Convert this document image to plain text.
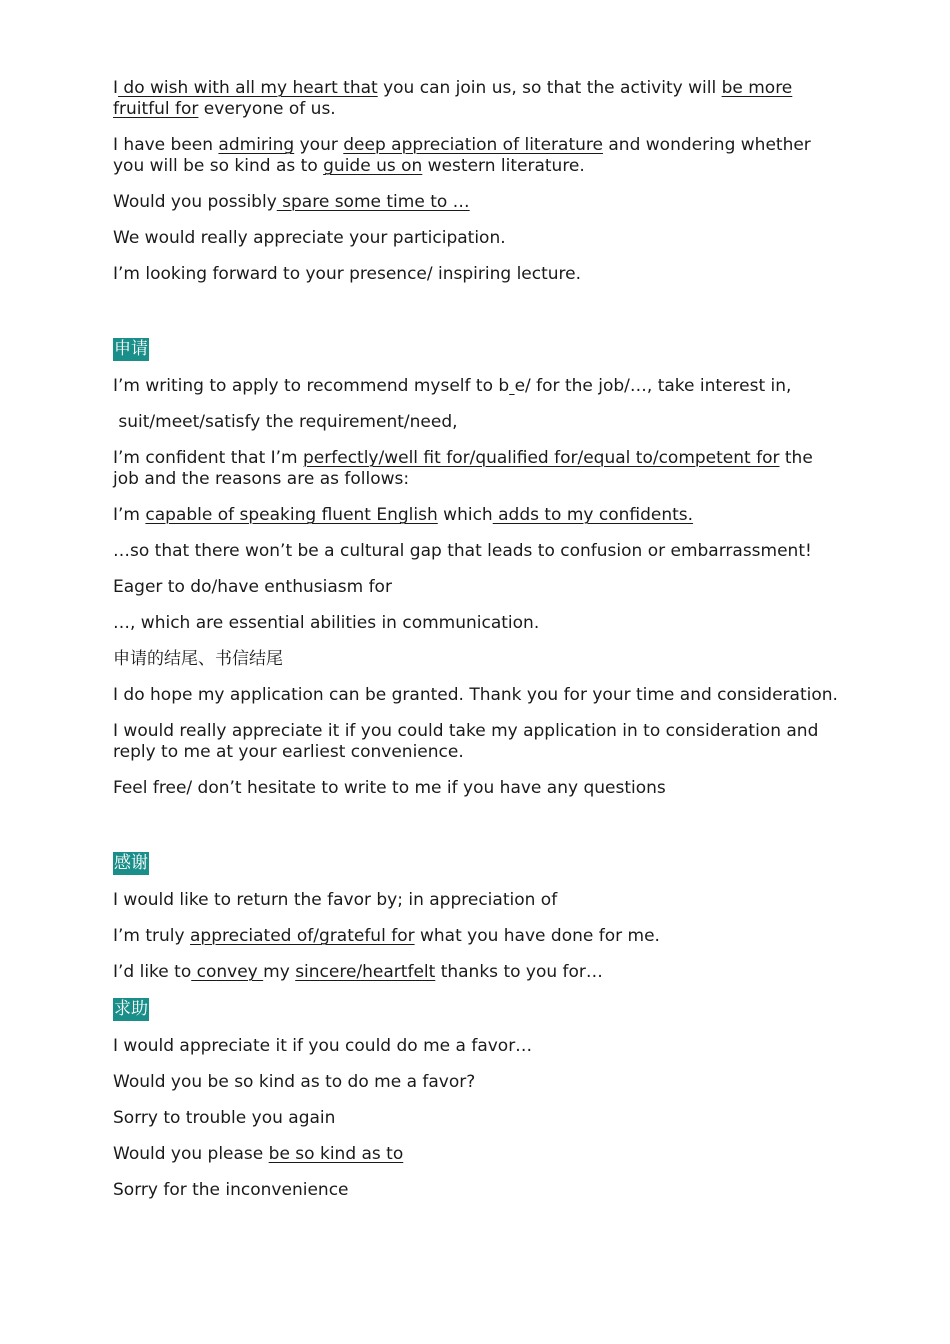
I do wish with all my heart that you can join us, so that the activity will be more fruitful for everyone of us.

I have been admiring your deep appreciation of literature and wondering whether you will be so kind as to guide us on western literature.

Would you possibly spare some time to …

We would really appreciate your participation.

I’m looking forward to your presence/ inspiring lecture.

申请

I’m writing to apply to recommend myself to b e/ for the job/…, take interest in,

suit/meet/satisfy the requirement/need,

I’m confident that I’m perfectly/well fit for/qualified for/equal to/competent for the job and the reasons are as follows:

I’m capable of speaking fluent English which adds to my confidents.

…so that there won’t be a cultural gap that leads to confusion or embarrassment!

Eager to do/have enthusiasm for

…, which are essential abilities in communication.

申请的结尾、书信结尾

I do hope my application can be granted. Thank you for your time and consideration.

I would really appreciate it if you could take my application in to consideration and reply to me at your earliest convenience.

Feel free/ don’t hesitate to write to me if you have any questions

感谢

I would like to return the favor by; in appreciation of

I’m truly appreciated of/grateful for what you have done for me.

I’d like to convey my sincere/heartfelt thanks to you for…

求助

I would appreciate it if you could do me a favor…

Would you be so kind as to do me a favor?

Sorry to trouble you again

Would you please be so kind as to

Sorry for the inconvenience
